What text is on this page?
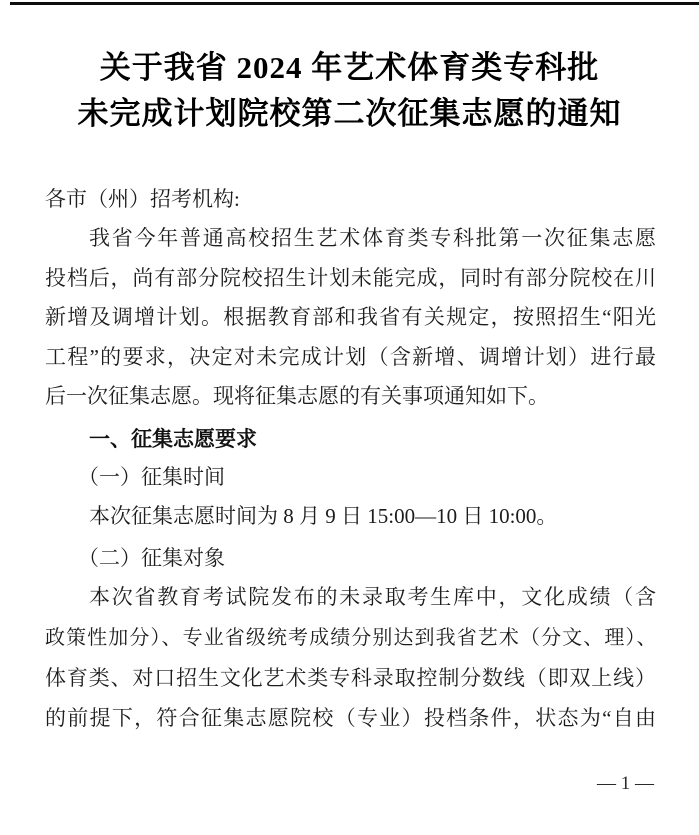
关于我省 2024 年艺术体育类专科批
未完成计划院校第二次征集志愿的通知
各市（州）招考机构:
我省今年普通高校招生艺术体育类专科批第一次征集志愿
投档后，尚有部分院校招生计划未能完成，同时有部分院校在川
新增及调增计划。根据教育部和我省有关规定，按照招生“阳光
工程”的要求，决定对未完成计划（含新增、调增计划）进行最
后一次征集志愿。现将征集志愿的有关事项通知如下。
一、征集志愿要求
（一）征集时间
本次征集志愿时间为 8 月 9 日 15:00—10 日 10:00。
（二）征集对象
本次省教育考试院发布的未录取考生库中，文化成绩（含
政策性加分）、专业省级统考成绩分别达到我省艺术（分文、理）、
体育类、对口招生文化艺术类专科录取控制分数线（即双上线）
的前提下，符合征集志愿院校（专业）投档条件，状态为“自由
— 1 —
